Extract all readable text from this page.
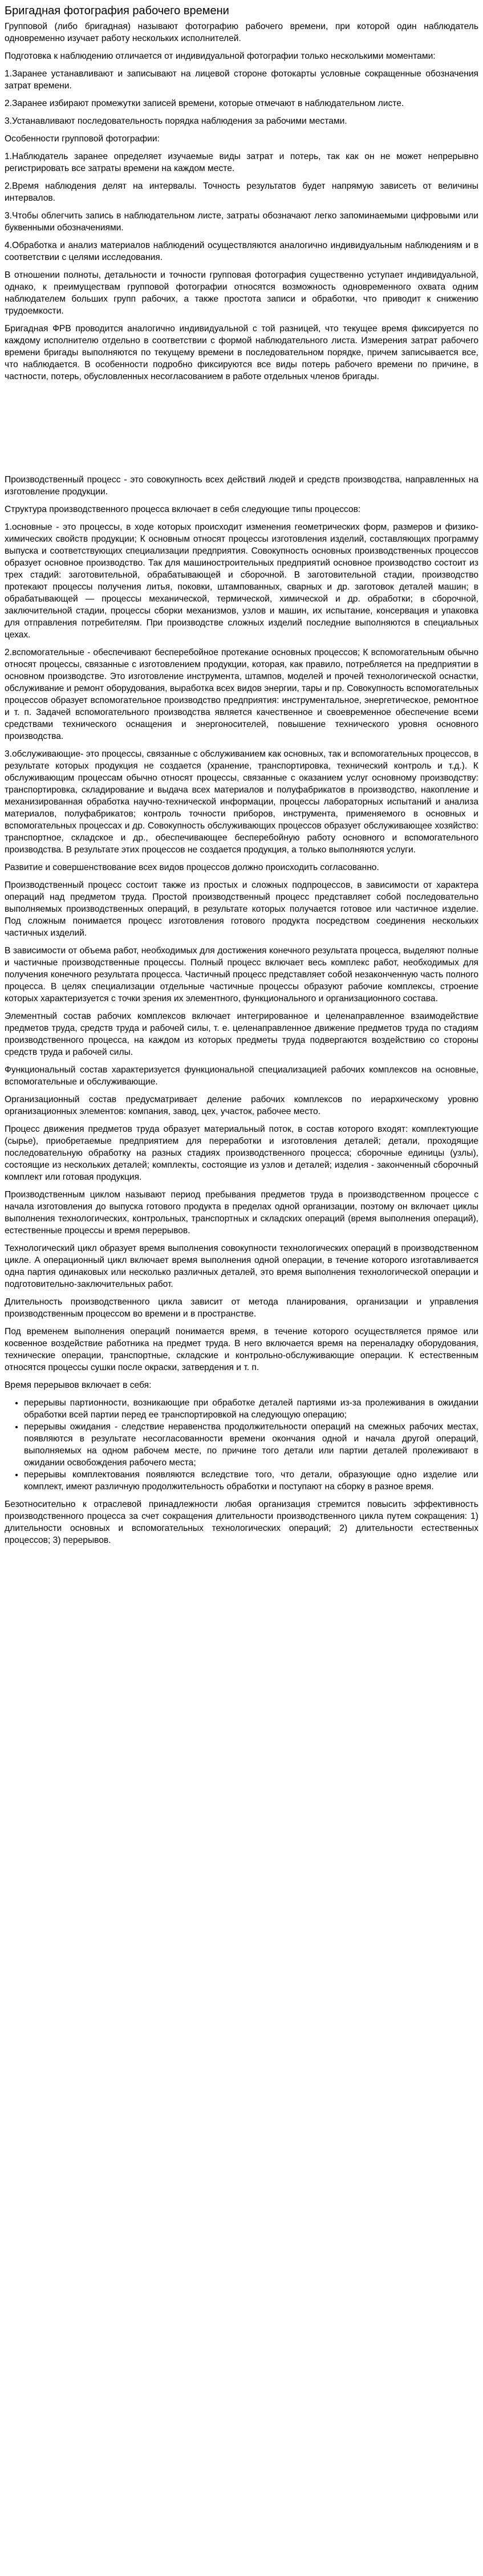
Бригадная фотография рабочего времени

Групповой (либо бригадная) называют фотографию рабочего времени, при которой один наблюдатель одновременно изучает работу нескольких исполнителей.

Подготовка к наблюдению отличается от индивидуальной фотографии только несколькими моментами:

1.Заранее устанавливают и записывают на лицевой стороне фотокарты условные сокращенные обозначения затрат времени.

2.Заранее избирают промежутки записей времени, которые отмечают в наблюдательном листе.

3.Устанавливают последовательность порядка наблюдения за рабочими местами.

Особенности групповой фотографии:

1.Наблюдатель заранее определяет изучаемые виды затрат и потерь, так как он не может непрерывно регистрировать все затраты времени на каждом месте.

2.Время наблюдения делят на интервалы. Точность результатов будет напрямую зависеть от величины интервалов.

3.Чтобы облегчить запись в наблюдательном листе, затраты обозначают легко запоминаемыми цифровыми или буквенными обозначениями.

4.Обработка и анализ материалов наблюдений осуществляются аналогично индивидуальным наблюдениям и в соответствии с целями исследования.

В отношении полноты, детальности и точности групповая фотография существенно уступает индивидуальной, однако, к преимуществам групповой фотографии относятся возможность одновременного охвата одним наблюдателем больших групп рабочих, а также простота записи и обработки, что приводит к снижению трудоемкости.

Бригадная ФРВ проводится аналогично индивидуальной с той разницей, что текущее время фиксируется по каждому исполнителю отдельно в соответствии с формой наблюдательного листа. Измерения затрат рабочего времени бригады выполняются по текущему времени в последовательном порядке, причем записывается все, что наблюдается. В особенности подробно фиксируются все виды потерь рабочего времени по причине, в частности, потерь, обусловленных несогласованием в работе отдельных членов бригады.

Производственный процесс - это совокупность всех действий людей и средств производства, направленных на изготовление продукции.

Структура производственного процесса включает в себя следующие типы процессов:

1.основные - это процессы, в ходе которых происходит изменения геометрических форм, размеров и физико-химических свойств продукции; К основным относят процессы изготовления изделий, составляющих программу выпуска и соответствующих специализации предприятия. Совокупность основных производственных процессов образует основное производство. Так для машиностроительных предприятий основное производство состоит из трех стадий: заготовительной, обрабатывающей и сборочной. В заготовительной стадии, производство протекают процессы получения литья, поковки, штампованных, сварных и др. заготовок деталей машин; в обрабатывающей — процессы механической, термической, химической и др. обработки; в сборочной, заключительной стадии, процессы сборки механизмов, узлов и машин, их испытание, консервация и упаковка для отправления потребителям. При производстве сложных изделий последние выполняются в специальных цехах.

2.вспомогательные - обеспечивают бесперебойное протекание основных процессов; К вспомогательным обычно относят процессы, связанные с изготовлением продукции, которая, как правило, потребляется на предприятии в основном производстве. Это изготовление инструмента, штампов, моделей и прочей технологической оснастки, обслуживание и ремонт оборудования, выработка всех видов энергии, тары и пр. Совокупность вспомогательных процессов образует вспомогательное производство предприятия: инструментальное, энергетическое, ремонтное и т. п. Задачей вспомогательного производства является качественное и своевременное обеспечение всеми средствами технического оснащения и энергоносителей, повышение технического уровня основного производства.

3.обслуживающие- это процессы, связанные с обслуживанием как основных, так и вспомогательных процессов, в результате которых продукция не создается (хранение, транспортировка, технический контроль и т.д.). К обслуживающим процессам обычно относят процессы, связанные с оказанием услуг основному производству: транспортировка, складирование и выдача всех материалов и полуфабрикатов в производство, накопление и механизированная обработка научно-технической информации, процессы лабораторных испытаний и анализа материалов, полуфабрикатов; контроль точности приборов, инструмента, применяемого в основных и вспомогательных процессах и др. Совокупность обслуживающих процессов образует обслуживающее хозяйство: транспортное, складское и др., обеспечивающее бесперебойную работу основного и вспомогательного производства. В результате этих процессов не создается продукция, а только выполняются услуги.

Развитие и совершенствование всех видов процессов должно происходить согласованно.

Производственный процесс состоит также из простых и сложных подпроцессов, в зависимости от характера операций над предметом труда. Простой производственный процесс представляет собой последовательно выполняемых производственных операций, в результате которых получается готовое или частичное изделие. Под сложным понимается процесс изготовления готового продукта посредством соединения нескольких частичных изделий.

В зависимости от объема работ, необходимых для достижения конечного результата процесса, выделяют полные и частичные производственные процессы. Полный процесс включает весь комплекс работ, необходимых для получения конечного результата процесса. Частичный процесс представляет собой незаконченную часть полного процесса. В целях специализации отдельные частичные процессы образуют рабочие комплексы, строение которых характеризуется с точки зрения их элементного, функционального и организационного состава.

Элементный состав рабочих комплексов включает интегрированное и целенаправленное взаимодействие предметов труда, средств труда и рабочей силы, т. е. целенаправленное движение предметов труда по стадиям производственного процесса, на каждом из которых предметы труда подвергаются воздействию со стороны средств труда и рабочей силы.

Функциональный состав характеризуется функциональной специализацией рабочих комплексов на основные, вспомогательные и обслуживающие.

Организационный состав предусматривает деление рабочих комплексов по иерархическому уровню организационных элементов: компания, завод, цех, участок, рабочее место.

Процесс движения предметов труда образует материальный поток, в состав которого входят: комплектующие (сырье), приобретаемые предприятием для переработки и изготовления деталей; детали, проходящие последовательную обработку на разных стадиях производственного процесса; сборочные единицы (узлы), состоящие из нескольких деталей; комплекты, состоящие из узлов и деталей; изделия - законченный сборочный комплект или готовая продукция.

Производственным циклом называют период пребывания предметов труда в производственном процессе с начала изготовления до выпуска готового продукта в пределах одной организации, поэтому он включает циклы выполнения технологических, контрольных, транспортных и складских операций (время выполнения операций), естественные процессы и время перерывов.

Технологический цикл образует время выполнения совокупности технологических операций в производственном цикле. А операционный цикл включает время выполнения одной операции, в течение которого изготавливается одна партия одинаковых или несколько различных деталей, это время выполнения технологической операции и подготовительно-заключительных работ.

Длительность производственного цикла зависит от метода планирования, организации и управления производственным процессом во времени и в пространстве.

Под временем выполнения операций понимается время, в течение которого осуществляется прямое или косвенное воздействие работника на предмет труда. В него включается время на переналадку оборудования, технические операции, транспортные, складские и контрольно-обслуживающие операции. К естественным относятся процессы сушки после окраски, затвердения и т. п.

Время перерывов включает в себя:

• перерывы партионности, возникающие при обработке деталей партиями из-за пролеживания в ожидании обработки всей партии перед ее транспортировкой на следующую операцию;
• перерывы ожидания - следствие неравенства продолжительности операций на смежных рабочих местах, появляются в результате несогласованности времени окончания одной и начала другой операций, выполняемых на одном рабочем месте, по причине того детали или партии деталей пролеживают в ожидании освобождения рабочего места;
• перерывы комплектования появляются вследствие того, что детали, образующие одно изделие или комплект, имеют различную продолжительность обработки и поступают на сборку в разное время.

Безотносительно к отраслевой принадлежности любая организация стремится повысить эффективность производственного процесса за счет сокращения длительности производственного цикла путем сокращения: 1) длительности основных и вспомогательных технологических операций; 2) длительности естественных процессов; 3) перерывов.
